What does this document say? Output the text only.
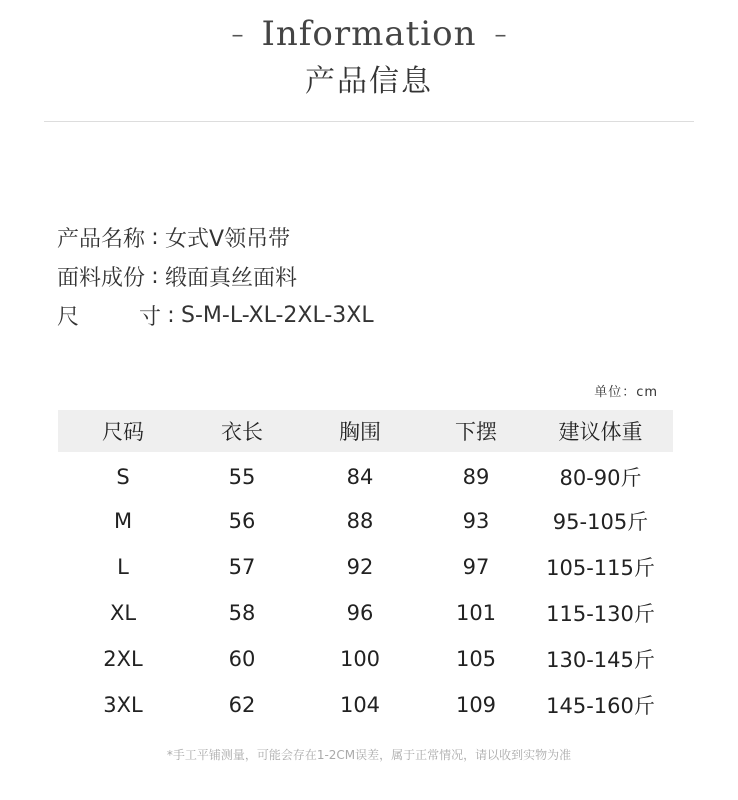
– Information –
产品信息
产品名称 : 女式V领吊带
面料成份 : 缎面真丝面料
尺	寸 : S-M-L-XL-2XL-3XL
单位：cm
尺码	衣长	胸围	下摆	建议体重
S	55	84	89	80-90斤
M	56	88	93	95-105斤
L	57	92	97	105-115斤
XL	58	96	101	115-130斤
2XL	60	100	105	130-145斤
3XL	62	104	109	145-160斤
*手工平铺测量，可能会存在1-2CM误差，属于正常情况，请以收到实物为准
